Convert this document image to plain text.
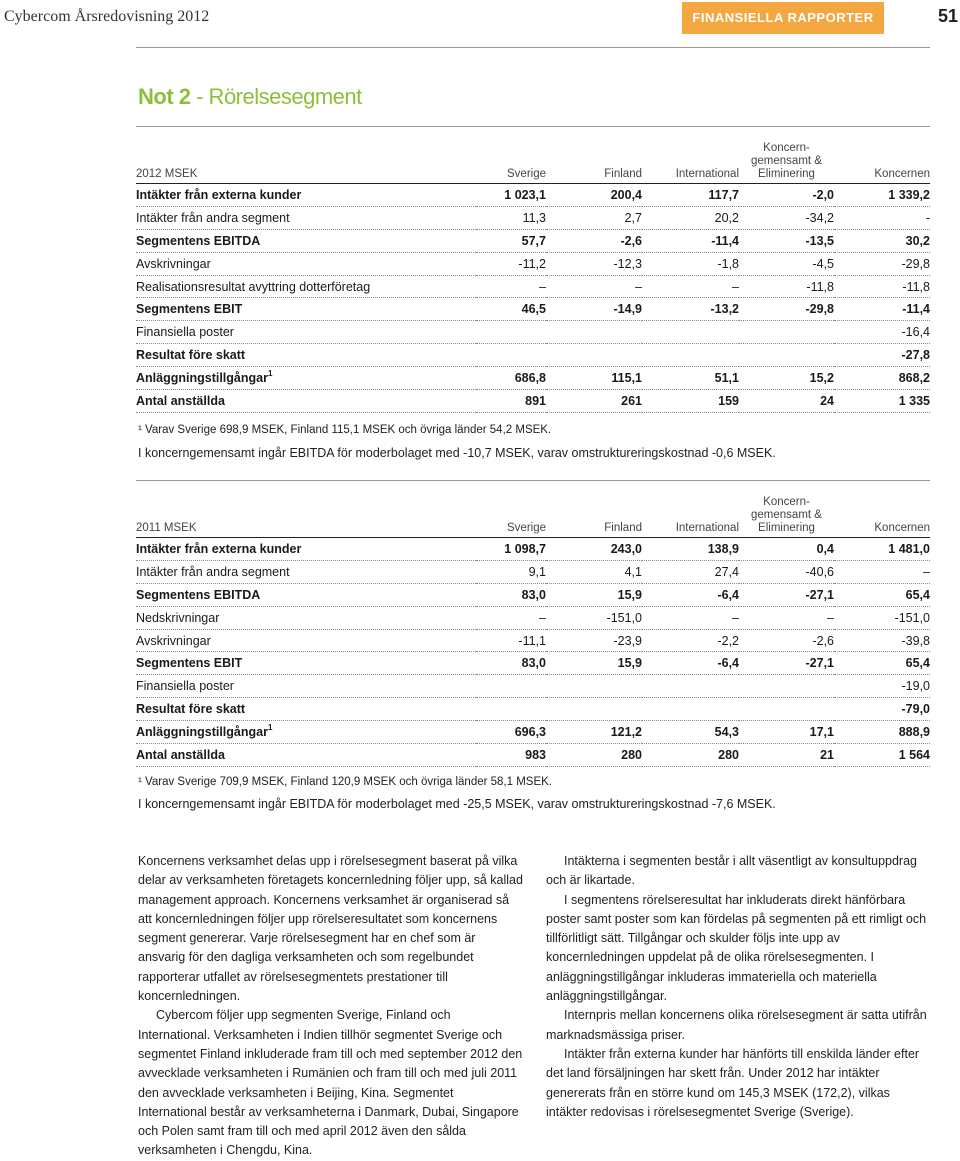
Cybercom Årsredovisning 2012	FINANSIELLA RAPPORTER	51
Not 2 - Rörelsesegment
2012 MSEK	Sverige	Finland	International	Koncern-
gemensamt &
Eliminering	Koncernen
Intäkter från externa kunder	1 023,1	200,4	117,7	-2,0	1 339,2
Intäkter från andra segment	11,3	2,7	20,2	-34,2	-
Segmentens EBITDA	57,7	-2,6	-11,4	-13,5	30,2
Avskrivningar	-11,2	-12,3	-1,8	-4,5	-29,8
Realisationsresultat avyttring dotterföretag	–	–	–	-11,8	-11,8
Segmentens EBIT	46,5	-14,9	-13,2	-29,8	-11,4
Finansiella poster					-16,4
Resultat före skatt					-27,8
Anläggningstillgångar$^1$	686,8	115,1	51,1	15,2	868,2
Antal anställda	891	261	159	24	1 335
¹ Varav Sverige 698,9 MSEK, Finland 115,1 MSEK och övriga länder 54,2 MSEK.
I koncerngemensamt ingår EBITDA för moderbolaget med -10,7 MSEK, varav omstruktureringskostnad -0,6 MSEK.
2011 MSEK	Sverige	Finland	International	Koncern-
gemensamt &
Eliminering	Koncernen
Intäkter från externa kunder	1 098,7	243,0	138,9	0,4	1 481,0
Intäkter från andra segment	9,1	4,1	27,4	-40,6	–
Segmentens EBITDA	83,0	15,9	-6,4	-27,1	65,4
Nedskrivningar	–	-151,0	–	–	-151,0
Avskrivningar	-11,1	-23,9	-2,2	-2,6	-39,8
Segmentens EBIT	83,0	15,9	-6,4	-27,1	65,4
Finansiella poster					-19,0
Resultat före skatt					-79,0
Anläggningstillgångar$^1$	696,3	121,2	54,3	17,1	888,9
Antal anställda	983	280	280	21	1 564
¹ Varav Sverige 709,9 MSEK, Finland 120,9 MSEK och övriga länder 58,1 MSEK.
I koncerngemensamt ingår EBITDA för moderbolaget med -25,5 MSEK, varav omstruktureringskostnad -7,6 MSEK.

Koncernens verksamhet delas upp i rörelsesegment baserat på vilka delar av verksamheten företagets koncernledning följer upp, så kallad management approach. Koncernens verksamhet är organiserad så att koncernledningen följer upp rörelseresultatet som koncernens segment genererar. Varje rörelsesegment har en chef som är ansvarig för den dagliga verksamheten och som regelbundet rapporterar utfallet av rörelsesegmentets prestationer till koncernledningen.

Cybercom följer upp segmenten Sverige, Finland och International. Verksamheten i Indien tillhör segmentet Sverige och segmentet Finland inkluderade fram till och med september 2012 den avvecklade verksamheten i Rumänien och fram till och med juli 2011 den avvecklade verksamheten i Beijing, Kina. Segmentet International består av verksamheterna i Danmark, Dubai, Singapore och Polen samt fram till och med april 2012 även den sålda verksamheten i Chengdu, Kina.

Intäkterna i segmenten består i allt väsentligt av konsultuppdrag och är likartade.

I segmentens rörelseresultat har inkluderats direkt hänförbara poster samt poster som kan fördelas på segmenten på ett rimligt och tillförlitligt sätt. Tillgångar och skulder följs inte upp av koncernledningen uppdelat på de olika rörelsesegmenten. I anläggningstillgångar inkluderas immateriella och materiella anläggningstillgångar.

Internpris mellan koncernens olika rörelsesegment är satta utifrån marknadsmässiga priser.

Intäkter från externa kunder har hänförts till enskilda länder efter det land försäljningen har skett från. Under 2012 har intäkter genererats från en större kund om 145,3 MSEK (172,2), vilkas intäkter redovisas i rörelsesegmentet Sverige (Sverige).
